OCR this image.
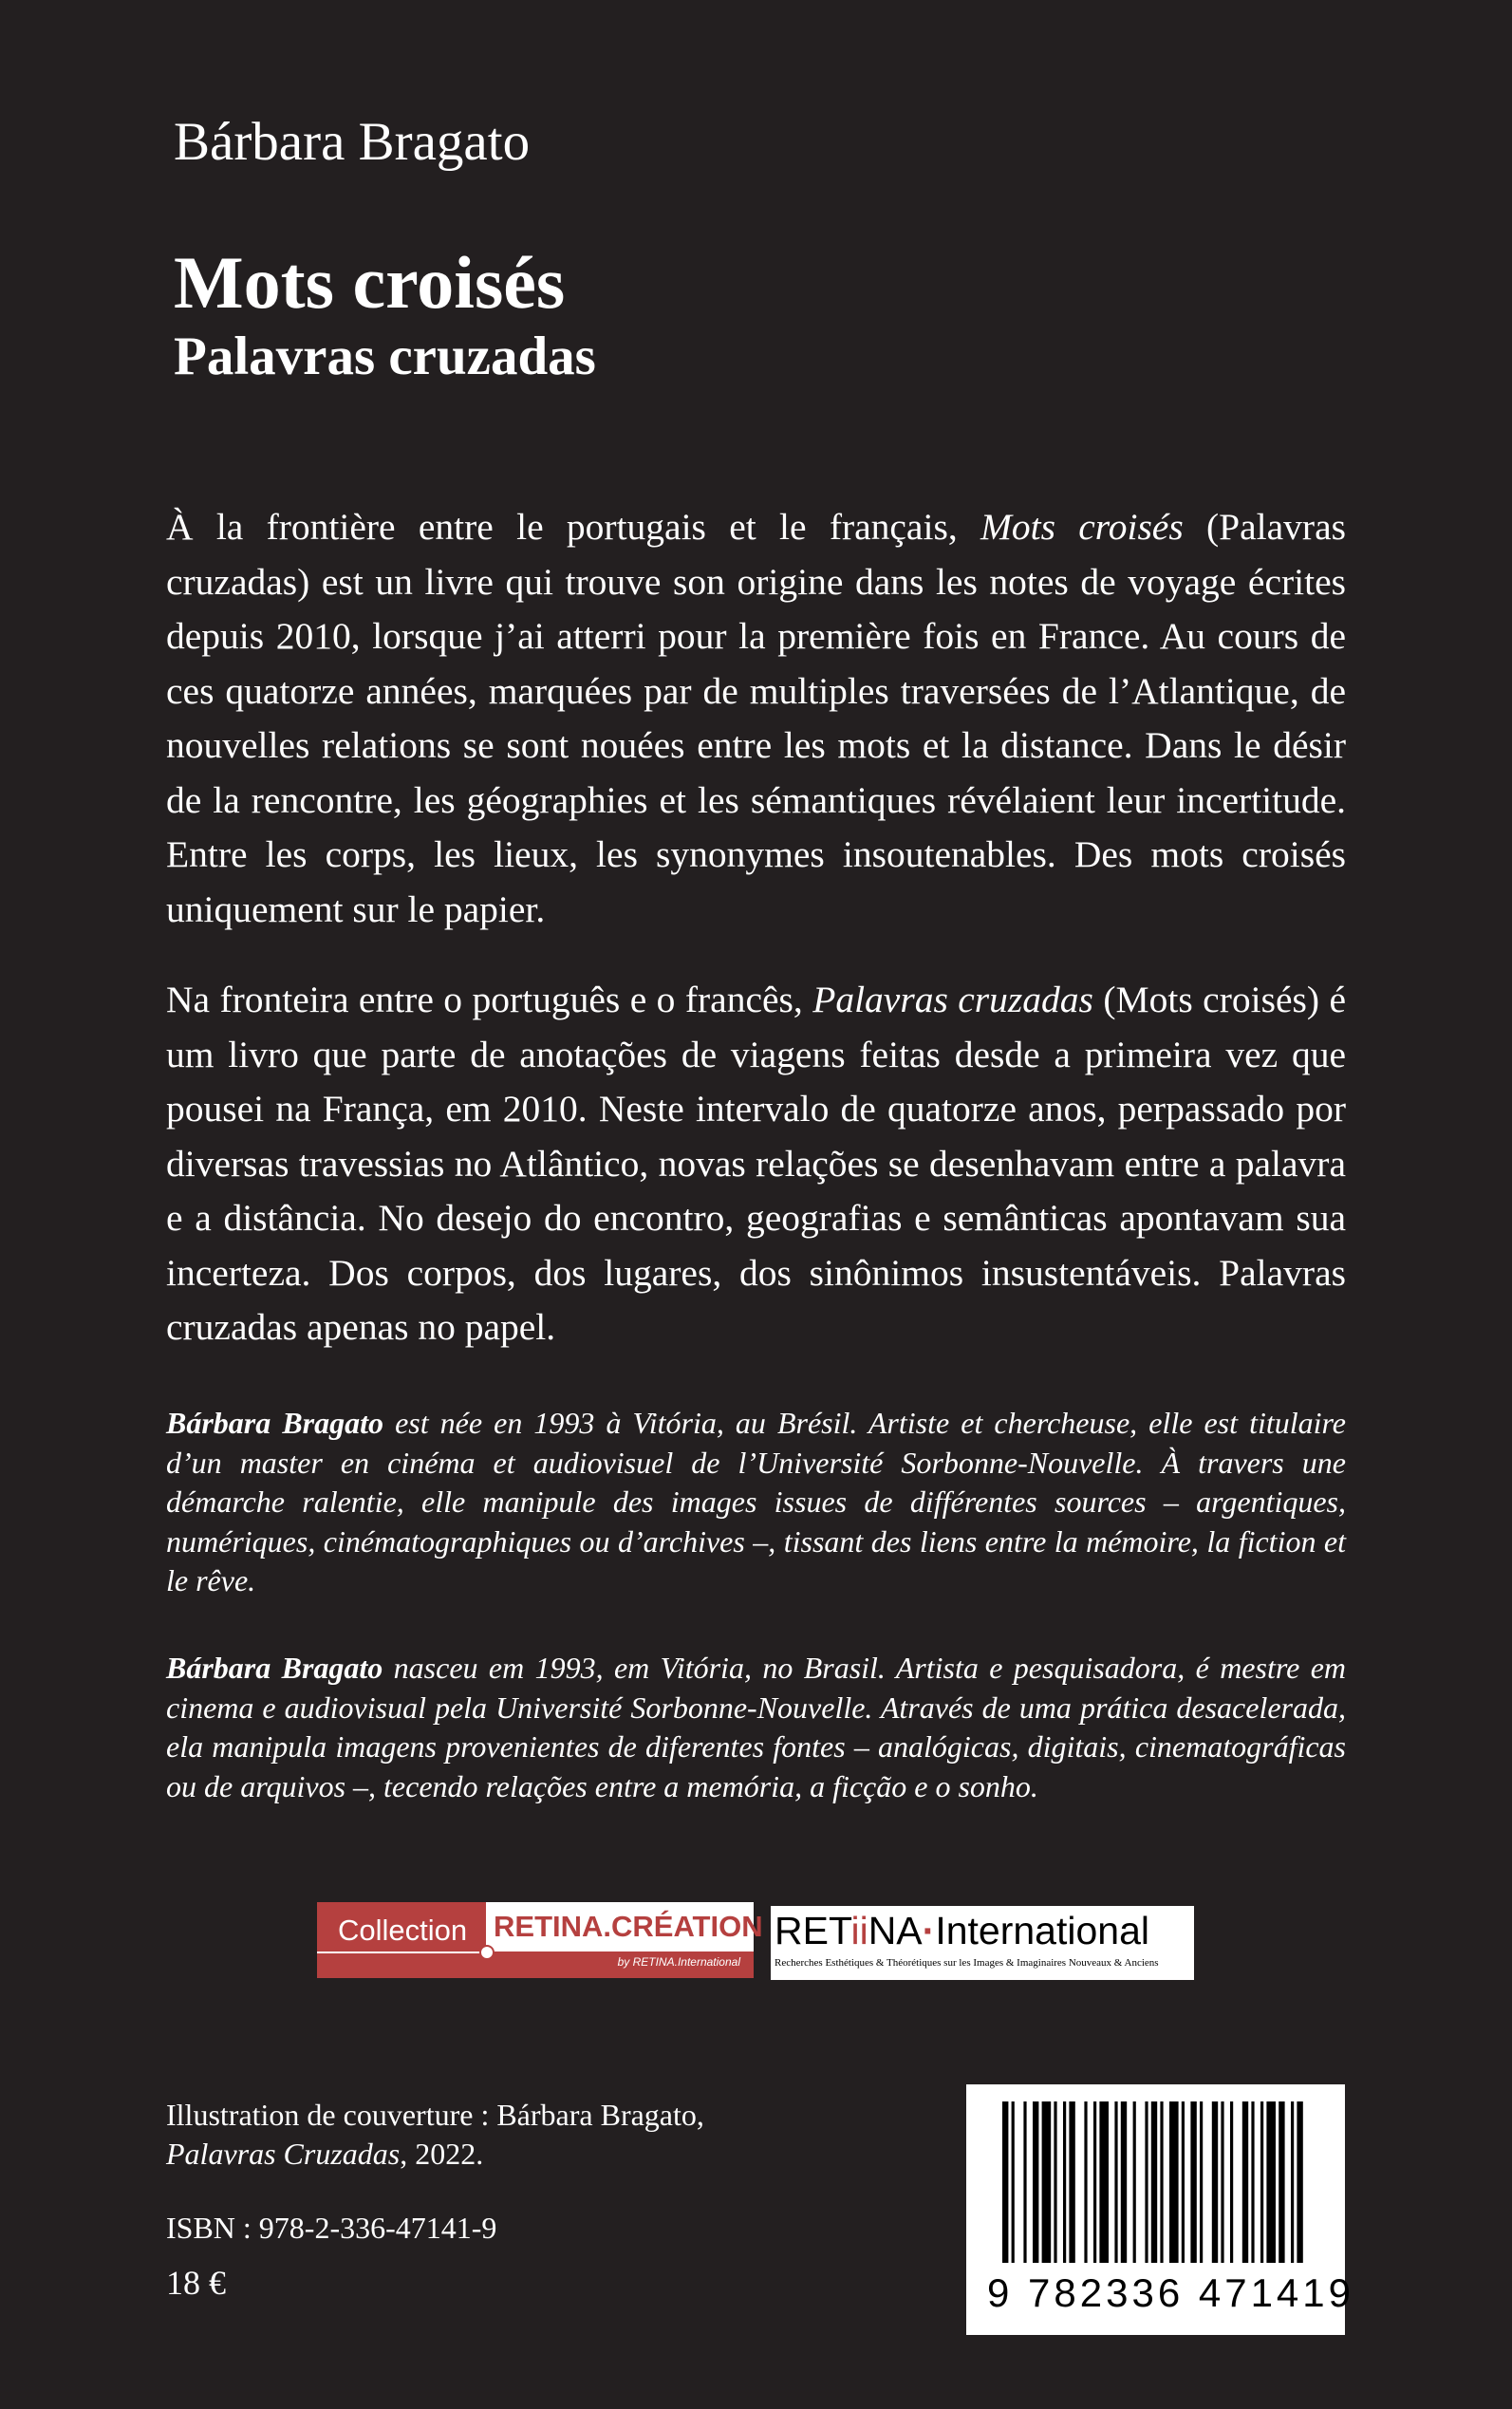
Bárbara Bragato
Mots croisés
Palavras cruzadas

À la frontière entre le portugais et le français, Mots croisés (Palavras cruzadas) est un livre qui trouve son origine dans les notes de voyage écrites depuis 2010, lorsque j’ai atterri pour la première fois en France. Au cours de ces quatorze années, marquées par de multiples traversées de l’Atlantique, de nouvelles relations se sont nouées entre les mots et la distance. Dans le désir de la rencontre, les géographies et les sémantiques révélaient leur incertitude. Entre les corps, les lieux, les synonymes insoutenables. Des mots croisés uniquement sur le papier.

Na fronteira entre o português e o francês, Palavras cruzadas (Mots croisés) é um livro que parte de anotações de viagens feitas desde a primeira vez que pousei na França, em 2010. Neste intervalo de quatorze anos, perpassado por diversas travessias no Atlântico, novas relações se desenhavam entre a palavra e a distância. No desejo do encontro, geografias e semânticas apontavam sua incerteza. Dos corpos, dos lugares, dos sinônimos insustentáveis. Palavras cruzadas apenas no papel.

Bárbara Bragato est née en 1993 à Vitória, au Brésil. Artiste et chercheuse, elle est titulaire d’un master en cinéma et audiovisuel de l’Université Sorbonne-Nouvelle. À travers une démarche ralentie, elle manipule des images issues de différentes sources – argentiques, numériques, cinématographiques ou d’archives –, tissant des liens entre la mémoire, la fiction et le rêve.

Bárbara Bragato nasceu em 1993, em Vitória, no Brasil. Artista e pesquisadora, é mestre em cinema e audiovisual pela Université Sorbonne-Nouvelle. Através de uma prática desacelerada, ela manipula imagens provenientes de diferentes fontes – analógicas, digitais, cinematográficas ou de arquivos –, tecendo relações entre a memória, a ficção e o sonho.

Collection RETINA.CRÉATION
by RETINA.International
RETiiNA·International
Recherches Esthétiques & Théorétiques sur les Images & Imaginaires Nouveaux & Anciens

Illustration de couverture : Bárbara Bragato,
Palavras Cruzadas, 2022.

ISBN : 978-2-336-47141-9

18 €	9 782336 471419
